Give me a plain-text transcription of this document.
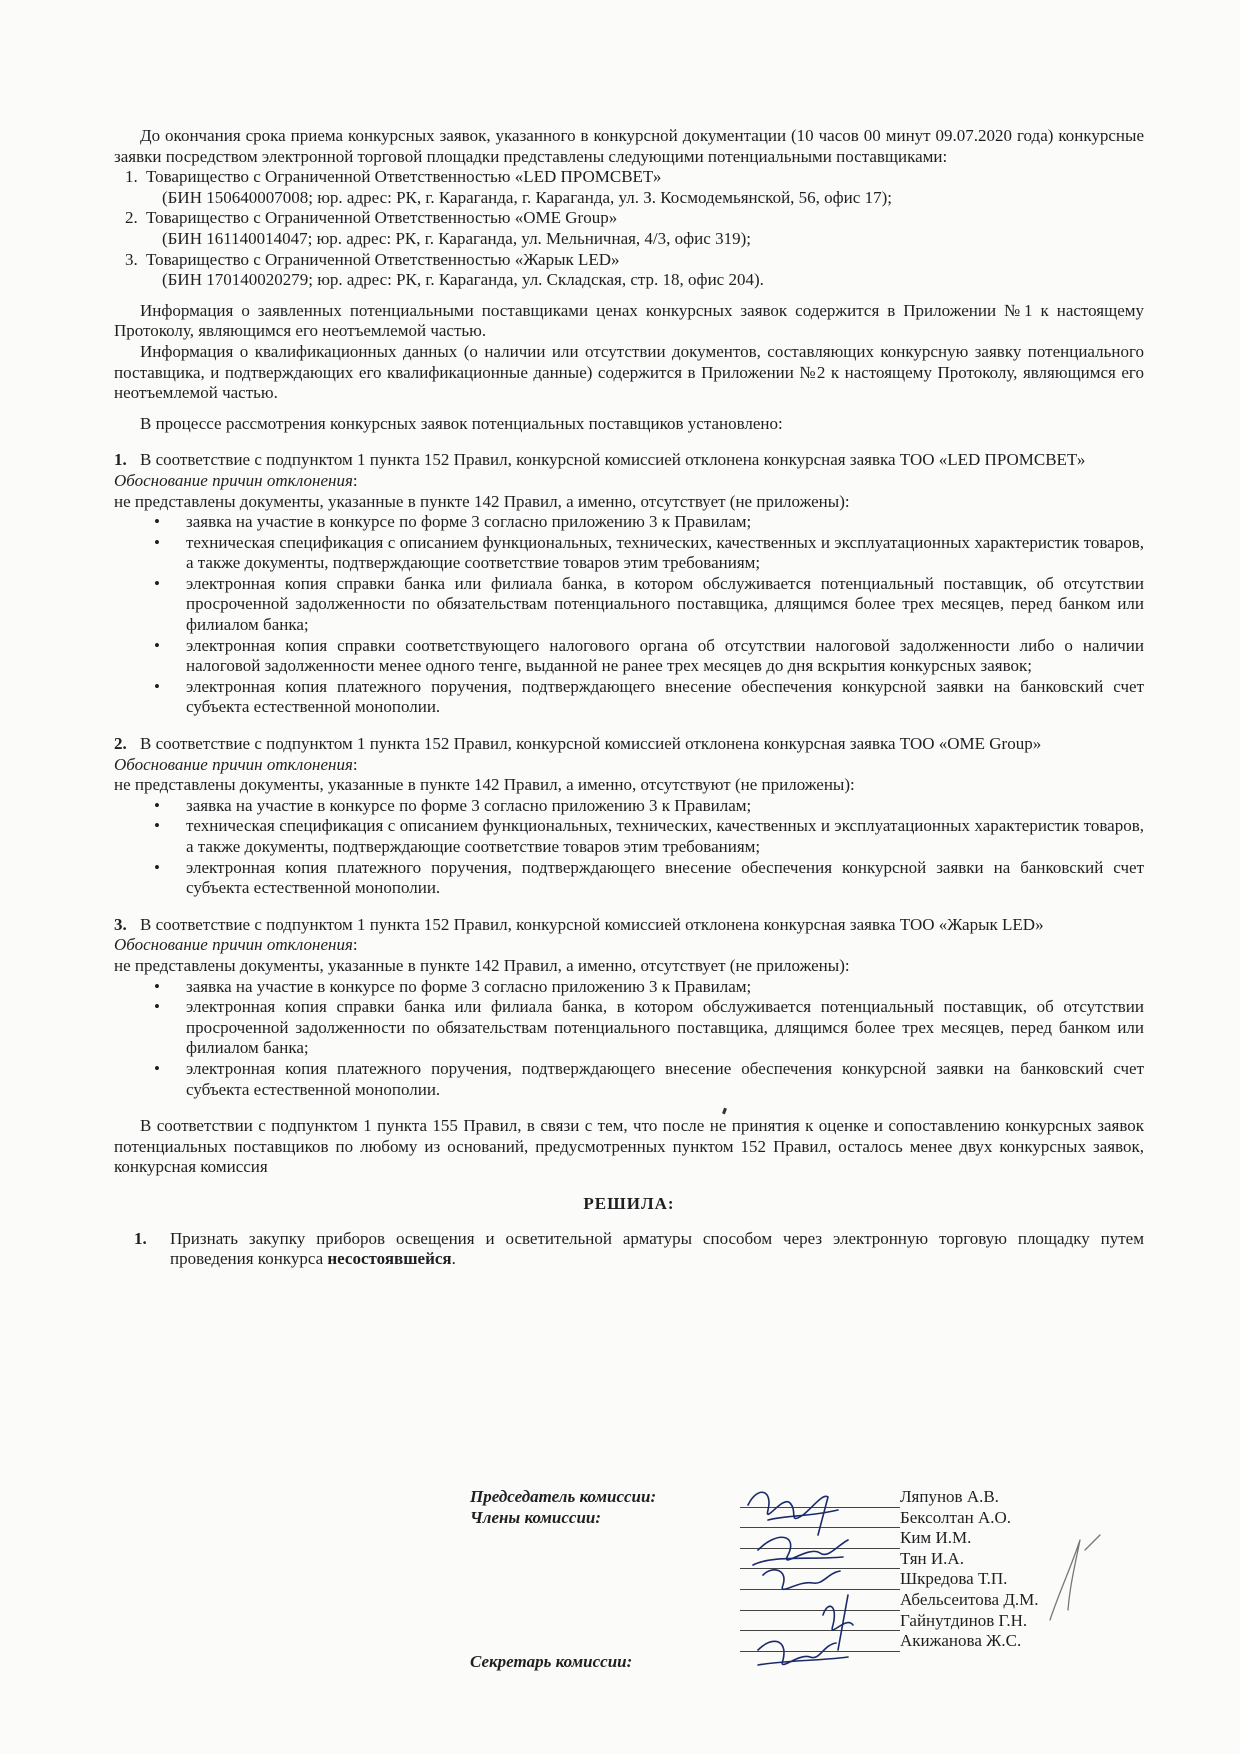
До окончания срока приема конкурсных заявок, указанного в конкурсной документации (10 часов 00 минут 09.07.2020 года) конкурсные заявки посредством электронной торговой площадки представлены следующими потенциальными поставщиками:

1. Товарищество с Ограниченной Ответственностью «LED ПРОМСВЕТ»
(БИН 150640007008; юр. адрес: РК, г. Караганда, г. Караганда, ул. З. Космодемьянской, 56, офис 17);
2. Товарищество с Ограниченной Ответственностью «OME Group»
(БИН 161140014047; юр. адрес: РК, г. Караганда, ул. Мельничная, 4/3, офис 319);
3. Товарищество с Ограниченной Ответственностью «Жарык LED»
(БИН 170140020279; юр. адрес: РК, г. Караганда, ул. Складская, стр. 18, офис 204).

Информация о заявленных потенциальными поставщиками ценах конкурсных заявок содержится в Приложении №1 к настоящему Протоколу, являющимся его неотъемлемой частью.

Информация о квалификационных данных (о наличии или отсутствии документов, составляющих конкурсную заявку потенциального поставщика, и подтверждающих его квалификационные данные) содержится в Приложении №2 к настоящему Протоколу, являющимся его неотъемлемой частью.

В процессе рассмотрения конкурсных заявок потенциальных поставщиков установлено:

1. В соответствие с подпунктом 1 пункта 152 Правил, конкурсной комиссией отклонена конкурсная заявка ТОО «LED ПРОМСВЕТ»
Обоснование причин отклонения:
не представлены документы, указанные в пункте 142 Правил, а именно, отсутствует (не приложены):
• заявка на участие в конкурсе по форме 3 согласно приложению 3 к Правилам;
• техническая спецификация с описанием функциональных, технических, качественных и эксплуатационных характеристик товаров, а также документы, подтверждающие соответствие товаров этим требованиям;
• электронная копия справки банка или филиала банка, в котором обслуживается потенциальный поставщик, об отсутствии просроченной задолженности по обязательствам потенциального поставщика, длящимся более трех месяцев, перед банком или филиалом банка;
• электронная копия справки соответствующего налогового органа об отсутствии налоговой задолженности либо о наличии налоговой задолженности менее одного тенге, выданной не ранее трех месяцев до дня вскрытия конкурсных заявок;
• электронная копия платежного поручения, подтверждающего внесение обеспечения конкурсной заявки на банковский счет субъекта естественной монополии.
2. В соответствие с подпунктом 1 пункта 152 Правил, конкурсной комиссией отклонена конкурсная заявка ТОО «OME Group»
Обоснование причин отклонения:
не представлены документы, указанные в пункте 142 Правил, а именно, отсутствуют (не приложены):
• заявка на участие в конкурсе по форме 3 согласно приложению 3 к Правилам;
• техническая спецификация с описанием функциональных, технических, качественных и эксплуатационных характеристик товаров, а также документы, подтверждающие соответствие товаров этим требованиям;
• электронная копия платежного поручения, подтверждающего внесение обеспечения конкурсной заявки на банковский счет субъекта естественной монополии.
3. В соответствие с подпунктом 1 пункта 152 Правил, конкурсной комиссией отклонена конкурсная заявка ТОО «Жарык LED»
Обоснование причин отклонения:
не представлены документы, указанные в пункте 142 Правил, а именно, отсутствует (не приложены):
• заявка на участие в конкурсе по форме 3 согласно приложению 3 к Правилам;
• электронная копия справки банка или филиала банка, в котором обслуживается потенциальный поставщик, об отсутствии просроченной задолженности по обязательствам потенциального поставщика, длящимся более трех месяцев, перед банком или филиалом банка;
• электронная копия платежного поручения, подтверждающего внесение обеспечения конкурсной заявки на банковский счет субъекта естественной монополии.

В соответствии с подпунктом 1 пункта 155 Правил, в связи с тем, что после не принятия к оценке и сопоставлению конкурсных заявок потенциальных поставщиков по любому из оснований, предусмотренных пунктом 152 Правил, осталось менее двух конкурсных заявок, конкурсная комиссия

РЕШИЛА:
1.	Признать закупку приборов освещения и осветительной арматуры способом через электронную торговую площадку путем проведения конкурса несостоявшейся.
Председатель комиссии:
Члены комиссии:
Секретарь комиссии:
Ляпунов А.В.
Бексолтан А.О.
Ким И.М.
Тян И.А.
Шкредова Т.П.
Абельсеитова Д.М.
Гайнутдинов Г.Н.
Акижанова Ж.С.
